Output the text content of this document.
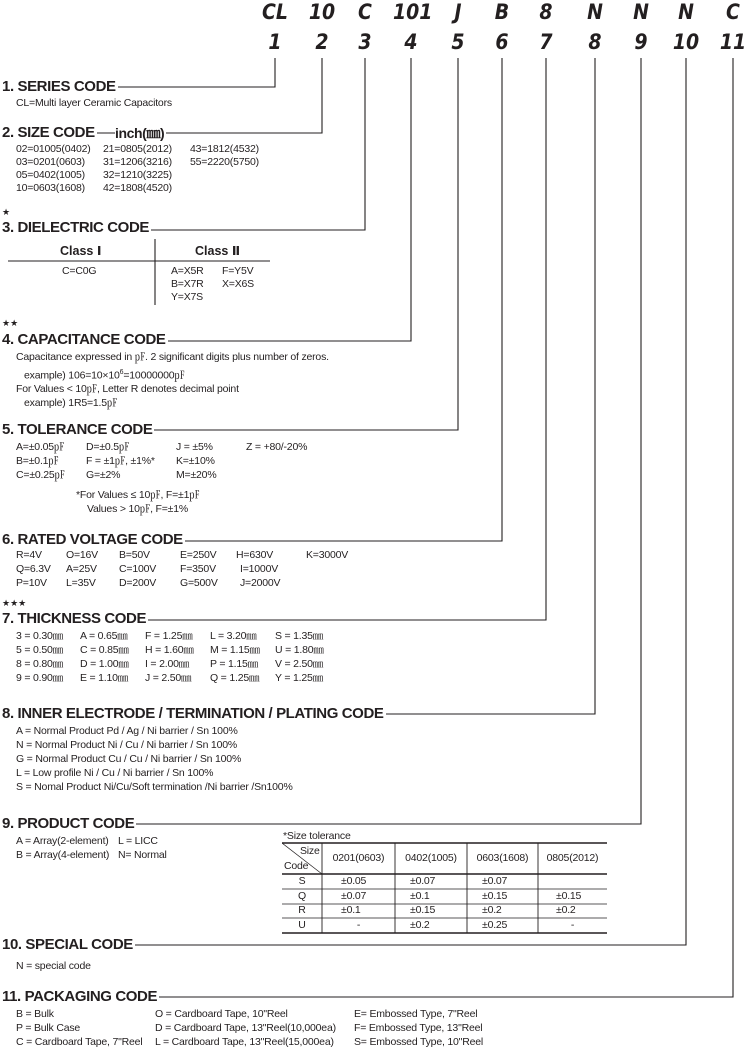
CL 10	C	101	J	B	8	N	N	N	C
1	2	3	4	5	6	7	8	9	10 11
1. SERIES CODE
CL=Multi layer Ceramic Capacitors
2. SIZE CODE inch(㎜)
02=01005(0402) 21=0805(2012) 43=1812(4532)
03=0201(0603) 31=1206(3216) 55=2220(5750)
05=0402(1005) 32=1210(3225)
10=0603(1608) 42=1808(4520)
★
3. DIELECTRIC CODE
Class Ⅰ	Class Ⅱ
C=C0G	A=X5R F=Y5V
B=X7R X=X6S
Y=X7S
★★
4. CAPACITANCE CODE
Capacitance expressed in ㎊. 2 significant digits plus number of zeros.
example) $106=10\times 10^6=10000000㎊$
For Values < 10㎊, Letter R denotes decimal point
example) 1R5=1.5㎊
5. TOLERANCE CODE
A=±0.05㎊ D=±0.5㎊	J = ±5%	Z = +80/-20%
B=±0.1㎊	F = ±1㎊, ±1%* K=±10%
C=±0.25㎊ G=±2%	M=±20%
*For Values ≤ 10㎊, F=±1㎊
Values > 10㎊, F=±1%
6. RATED VOLTAGE CODE
R=4V O=16V B=50V	E=250V H=630V	K=3000V
Q=6.3V A=25V C=100V F=350V I=1000V
P=10V L=35V D=200V G=500V J=2000V
★★★
7. THICKNESS CODE
3 = 0.30㎜ A = 0.65㎜ F = 1.25㎜ L = 3.20㎜ S = 1.35㎜
5 = 0.50㎜ C = 0.85㎜ H = 1.60㎜ M = 1.15㎜ U = 1.80㎜
8 = 0.80㎜ D = 1.00㎜ I = 2.00㎜ P = 1.15㎜ V = 2.50㎜
9 = 0.90㎜ E = 1.10㎜ J = 2.50㎜ Q = 1.25㎜ Y = 1.25㎜
8. INNER ELECTRODE / TERMINATION / PLATING CODE
A = Normal Product Pd / Ag / Ni barrier / Sn 100%
N = Normal Product Ni / Cu / Ni barrier / Sn 100%
G = Normal Product Cu / Cu / Ni barrier / Sn 100%
L = Low profile Ni / Cu / Ni barrier / Sn 100%
S = Nomal Product Ni/Cu/Soft termination /Ni barrier /Sn100%
9. PRODUCT CODE
A = Array(2-element) L = LICC
B = Array(4-element) N= Normal
*Size tolerance
Size
Code
0201(0603)	0402(1005)	0603(1608)	0805(2012)
S	±0.05	±0.07	±0.07
Q	±0.07	±0.1	±0.15	±0.15
R	±0.1	±0.15	±0.2	±0.2
U	-	±0.2	±0.25	-
10. SPECIAL CODE
N = special code
11. PACKAGING CODE
B = Bulk	O = Cardboard Tape, 10"Reel	E= Embossed Type, 7"Reel
P = Bulk Case	D = Cardboard Tape, 13"Reel(10,000ea) F= Embossed Type, 13"Reel
C = Cardboard Tape, 7"Reel L = Cardboard Tape, 13"Reel(15,000ea) S= Embossed Type, 10"Reel
